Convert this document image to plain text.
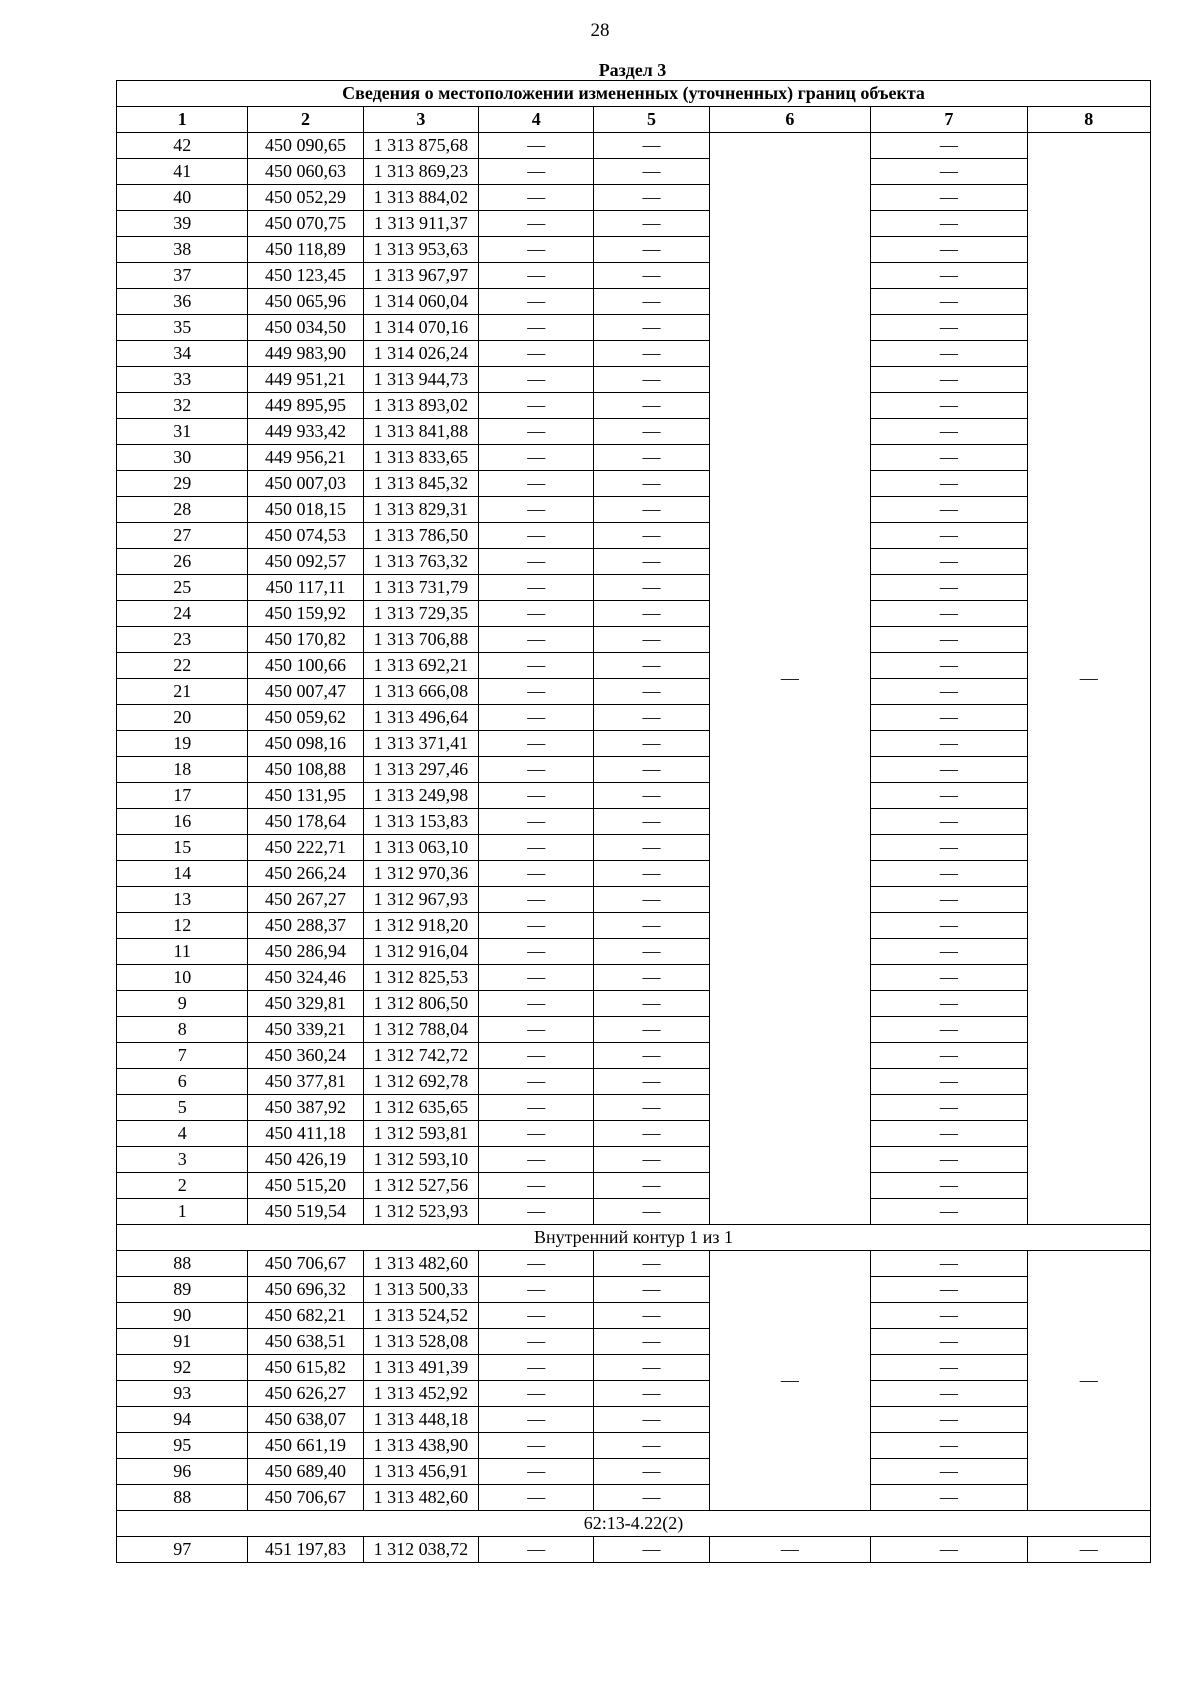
28
Раздел 3
Сведения о местоположении измененных (уточненных) границ объекта							
1	2	3	4	5	6	7	8
42	450 090,65	1 313 875,68	—	—	—	—	—
41	450 060,63	1 313 869,23	—	—		—	
40	450 052,29	1 313 884,02	—	—		—	
39	450 070,75	1 313 911,37	—	—		—	
38	450 118,89	1 313 953,63	—	—		—	
37	450 123,45	1 313 967,97	—	—		—	
36	450 065,96	1 314 060,04	—	—		—	
35	450 034,50	1 314 070,16	—	—		—	
34	449 983,90	1 314 026,24	—	—		—	
33	449 951,21	1 313 944,73	—	—		—	
32	449 895,95	1 313 893,02	—	—		—	
31	449 933,42	1 313 841,88	—	—		—	
30	449 956,21	1 313 833,65	—	—		—	
29	450 007,03	1 313 845,32	—	—		—	
28	450 018,15	1 313 829,31	—	—		—	
27	450 074,53	1 313 786,50	—	—		—	
26	450 092,57	1 313 763,32	—	—		—	
25	450 117,11	1 313 731,79	—	—		—	
24	450 159,92	1 313 729,35	—	—		—	
23	450 170,82	1 313 706,88	—	—		—	
22	450 100,66	1 313 692,21	—	—		—	
21	450 007,47	1 313 666,08	—	—		—	
20	450 059,62	1 313 496,64	—	—		—	
19	450 098,16	1 313 371,41	—	—		—	
18	450 108,88	1 313 297,46	—	—		—	
17	450 131,95	1 313 249,98	—	—		—	
16	450 178,64	1 313 153,83	—	—		—	
15	450 222,71	1 313 063,10	—	—		—	
14	450 266,24	1 312 970,36	—	—		—	
13	450 267,27	1 312 967,93	—	—		—	
12	450 288,37	1 312 918,20	—	—		—	
11	450 286,94	1 312 916,04	—	—		—	
10	450 324,46	1 312 825,53	—	—		—	
9	450 329,81	1 312 806,50	—	—		—	
8	450 339,21	1 312 788,04	—	—		—	
7	450 360,24	1 312 742,72	—	—		—	
6	450 377,81	1 312 692,78	—	—		—	
5	450 387,92	1 312 635,65	—	—		—	
4	450 411,18	1 312 593,81	—	—		—	
3	450 426,19	1 312 593,10	—	—		—	
2	450 515,20	1 312 527,56	—	—		—	
1	450 519,54	1 312 523,93	—	—		—	
Внутренний контур 1 из 1							
88	450 706,67	1 313 482,60	—	—	—	—	—
89	450 696,32	1 313 500,33	—	—		—	
90	450 682,21	1 313 524,52	—	—		—	
91	450 638,51	1 313 528,08	—	—		—	
92	450 615,82	1 313 491,39	—	—		—	
93	450 626,27	1 313 452,92	—	—		—	
94	450 638,07	1 313 448,18	—	—		—	
95	450 661,19	1 313 438,90	—	—		—	
96	450 689,40	1 313 456,91	—	—		—	
88	450 706,67	1 313 482,60	—	—		—	
62:13-4.22(2)							
97	451 197,83	1 312 038,72	—	—	—	—	—
